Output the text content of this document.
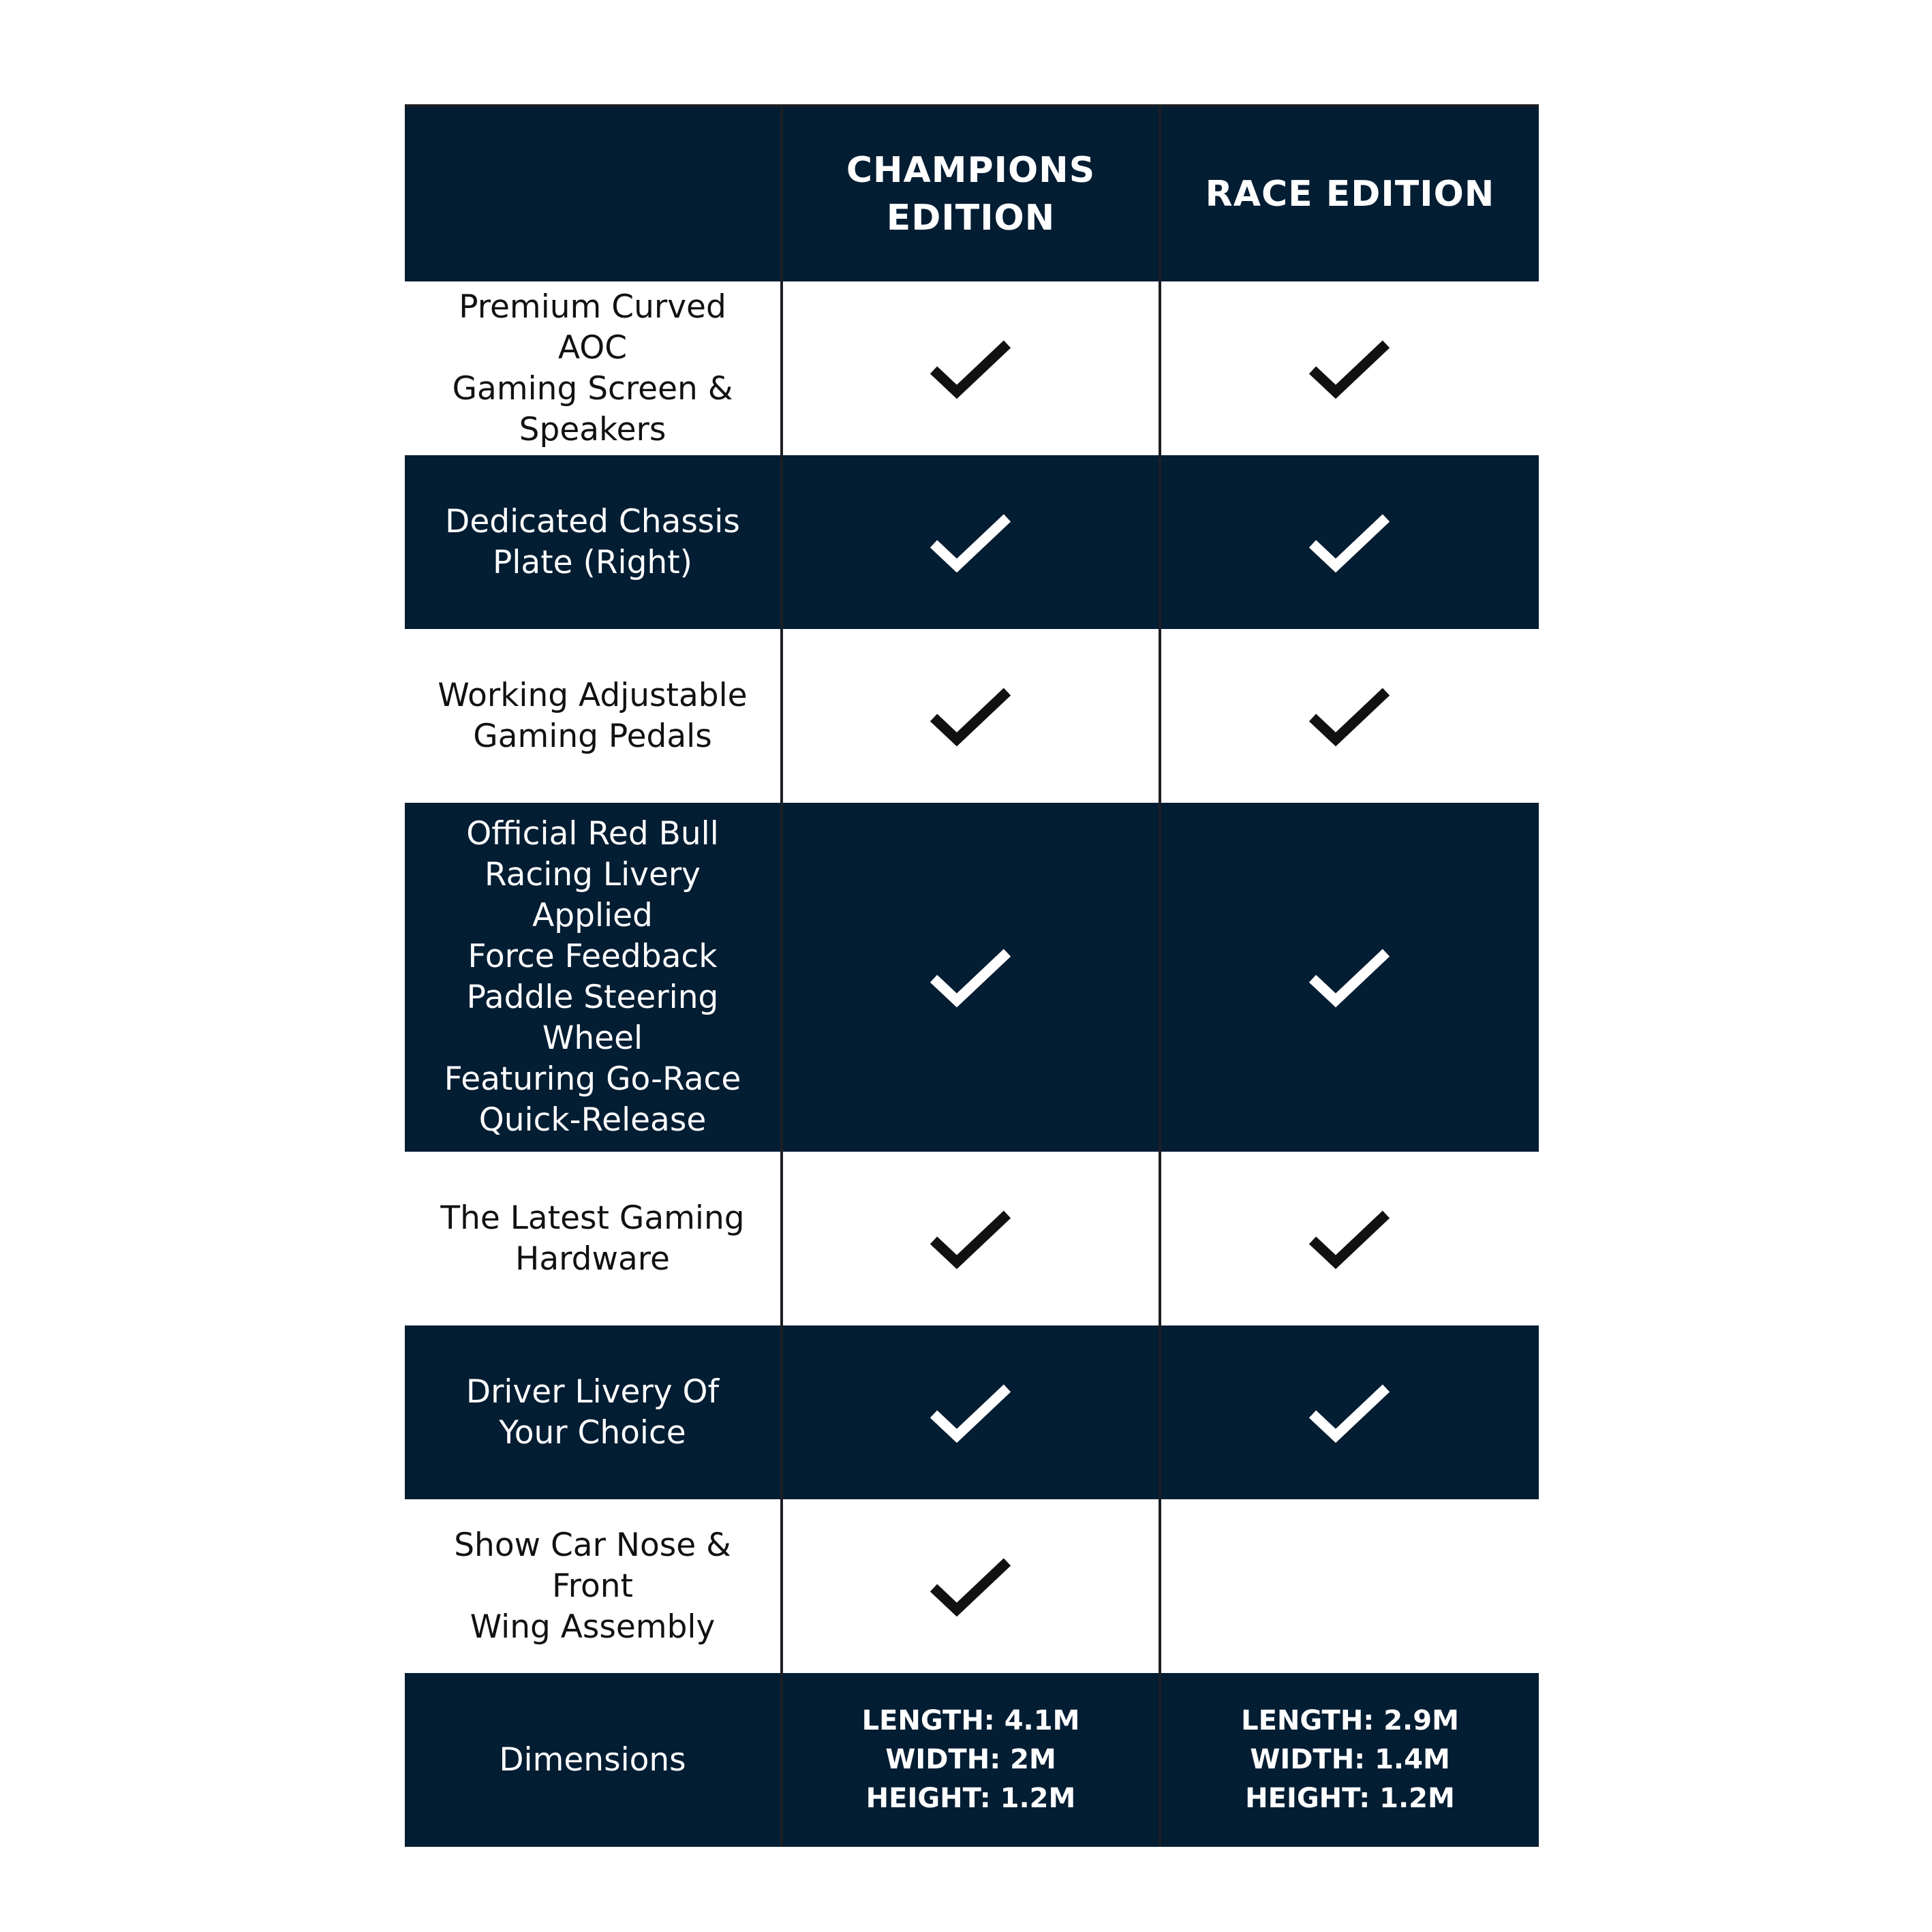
CHAMPIONS
EDITION
RACE EDITION
Premium Curved AOC
Gaming Screen &
Speakers
Dedicated Chassis
Plate (Right)
Working Adjustable
Gaming Pedals
Official Red Bull
Racing Livery Applied
Force Feedback
Paddle Steering Wheel
Featuring Go-Race
Quick-Release
The Latest Gaming
Hardware
Driver Livery Of
Your Choice
Show Car Nose & Front
Wing Assembly
Dimensions
LENGTH: 4.1M
WIDTH: 2M
HEIGHT: 1.2M
LENGTH: 2.9M
WIDTH: 1.4M
HEIGHT: 1.2M
